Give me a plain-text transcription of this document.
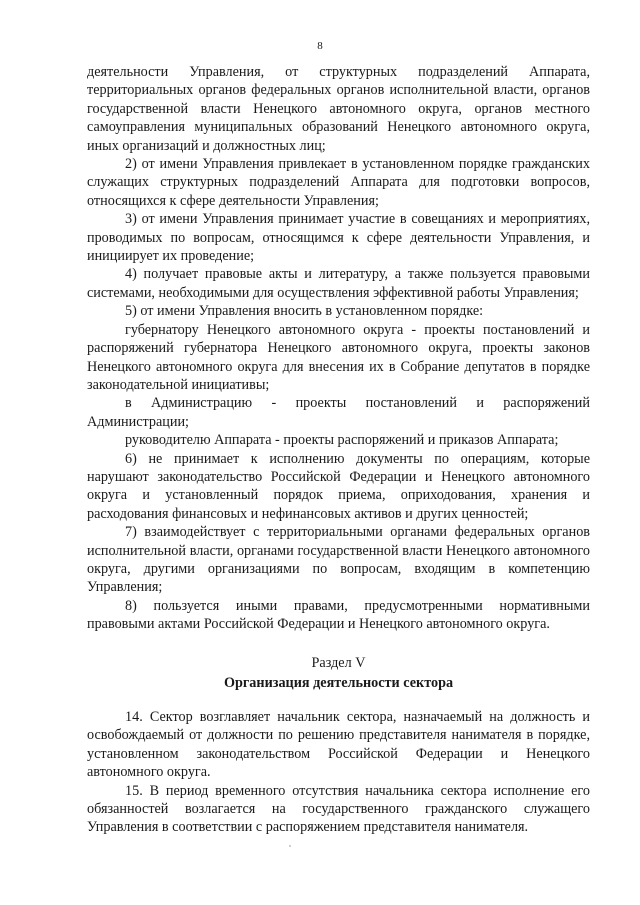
8

деятельности Управления, от структурных подразделений Аппарата, территориальных органов федеральных органов исполнительной власти, органов государственной власти Ненецкого автономного округа, органов местного самоуправления муниципальных образований Ненецкого автономного округа, иных организаций и должностных лиц;

2) от имени Управления привлекает в установленном порядке гражданских служащих структурных подразделений Аппарата для подготовки вопросов, относящихся к сфере деятельности Управления;

3) от имени Управления принимает участие в совещаниях и мероприятиях, проводимых по вопросам, относящимся к сфере деятельности Управления, и инициирует их проведение;

4) получает правовые акты и литературу, а также пользуется правовыми системами, необходимыми для осуществления эффективной работы Управления;

5) от имени Управления вносить в установленном порядке:

губернатору Ненецкого автономного округа - проекты постановлений и распоряжений губернатора Ненецкого автономного округа, проекты законов Ненецкого автономного округа для внесения их в Собрание депутатов в порядке законодательной инициативы;

в Администрацию - проекты постановлений и распоряжений Администрации;

руководителю Аппарата - проекты распоряжений и приказов Аппарата;

6) не принимает к исполнению документы по операциям, которые нарушают законодательство Российской Федерации и Ненецкого автономного округа и установленный порядок приема, оприходования, хранения и расходования финансовых и нефинансовых активов и других ценностей;

7) взаимодействует с территориальными органами федеральных органов исполнительной власти, органами государственной власти Ненецкого автономного округа, другими организациями по вопросам, входящим в компетенцию Управления;

8) пользуется иными правами, предусмотренными нормативными правовыми актами Российской Федерации и Ненецкого автономного округа.

Раздел V
Организация деятельности сектора

14. Сектор возглавляет начальник сектора, назначаемый на должность и освобождаемый от должности по решению представителя нанимателя в порядке, установленном законодательством Российской Федерации и Ненецкого автономного округа.

15. В период временного отсутствия начальника сектора исполнение его обязанностей возлагается на государственного гражданского служащего Управления в соответствии с распоряжением представителя нанимателя.
